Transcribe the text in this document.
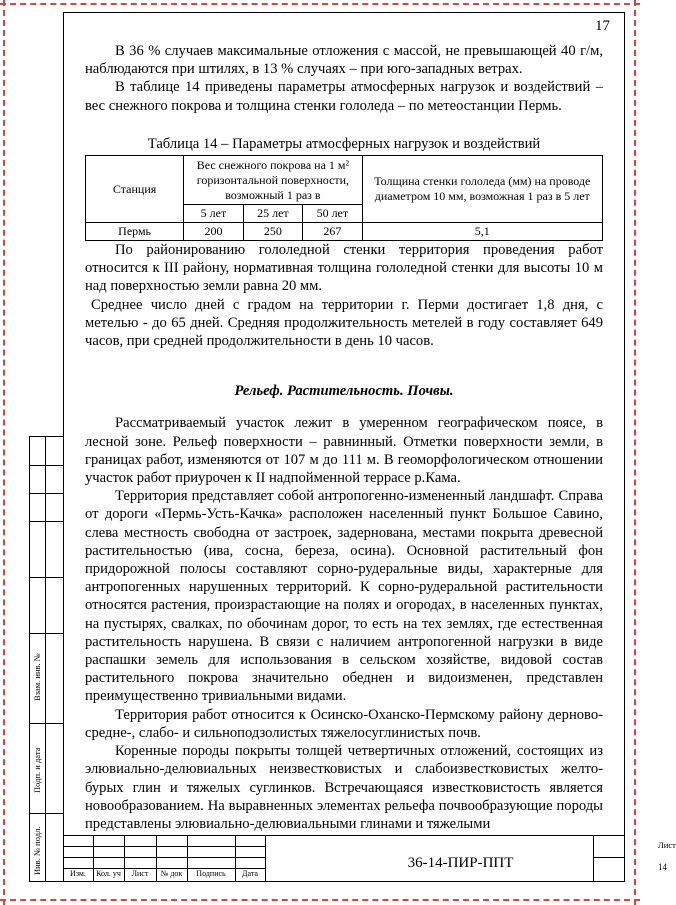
17

В 36 % случаев максимальные отложения с массой, не превышающей 40 г/м, наблюдаются при штилях, в 13 % случаях – при юго-западных ветрах.

В таблице 14 приведены параметры атмосферных нагрузок и воздействий – вес снежного покрова и толщина стенки гололеда – по метеостанции Пермь.

Таблица 14 – Параметры атмосферных нагрузок и воздействий

Станция	Вес снежного покрова на 1 м² горизонтальной поверхности, возможный 1 раз в			Толщина стенки гололеда (мм) на проводе диаметром 10 мм, возможная 1 раз в 5 лет
	5 лет	25 лет	50 лет	
Пермь	200	250	267	5,1

По районированию гололедной стенки территория проведения работ относится к III району, нормативная толщина гололедной стенки для высоты 10 м над поверхностью земли равна 20 мм.

Среднее число дней с градом на территории г. Перми достигает 1,8 дня, с метелью - до 65 дней. Средняя продолжительность метелей в году составляет 649 часов, при средней продолжительности в день 10 часов.

Рельеф. Растительность. Почвы.

Рассматриваемый участок лежит в умеренном географическом поясе, в лесной зоне. Рельеф поверхности – равнинный. Отметки поверхности земли, в границах работ, изменяются от 107 м до 111 м. В геоморфологическом отношении участок работ приурочен к II надпойменной террасе р.Кама.

Территория представляет собой антропогенно-измененный ландшафт. Справа от дороги «Пермь-Усть-Качка» расположен населенный пункт Большое Савино, слева местность свободна от застроек, задернована, местами покрыта древесной растительностью (ива, сосна, береза, осина). Основной растительный фон придорожной полосы составляют сорно-рудеральные виды, характерные для антропогенных нарушенных территорий. К сорно-рудеральной растительности относятся растения, произрастающие на полях и огородах, в населенных пунктах, на пустырях, свалках, по обочинам дорог, то есть на тех землях, где естественная растительность нарушена. В связи с наличием антропогенной нагрузки в виде распашки земель для использования в сельском хозяйстве, видовой состав растительного покрова значительно обеднен и видоизменен, представлен преимущественно тривиальными видами.

Территория работ относится к Осинско-Оханско-Пермскому району дерново-средне-, слабо- и сильноподзолистых тяжелосуглинистых почв.

Коренные породы покрыты толщей четвертичных отложений, состоящих из элювиально-делювиальных неизвестковистых и слабоизвестковистых желто-бурых глин и тяжелых суглинков. Встречающаяся известковистость является новообразованием. На выравненных элементах рельефа почвообразующие породы представлены элювиально-делювиальными глинами и тяжелыми

Взам. инв. №
Подп. и дата
Инв. № подл.	Изм.	Кол. уч	Лист	№ док	Подпись	Дата
36-14-ПИР-ППТ
Лист
14
